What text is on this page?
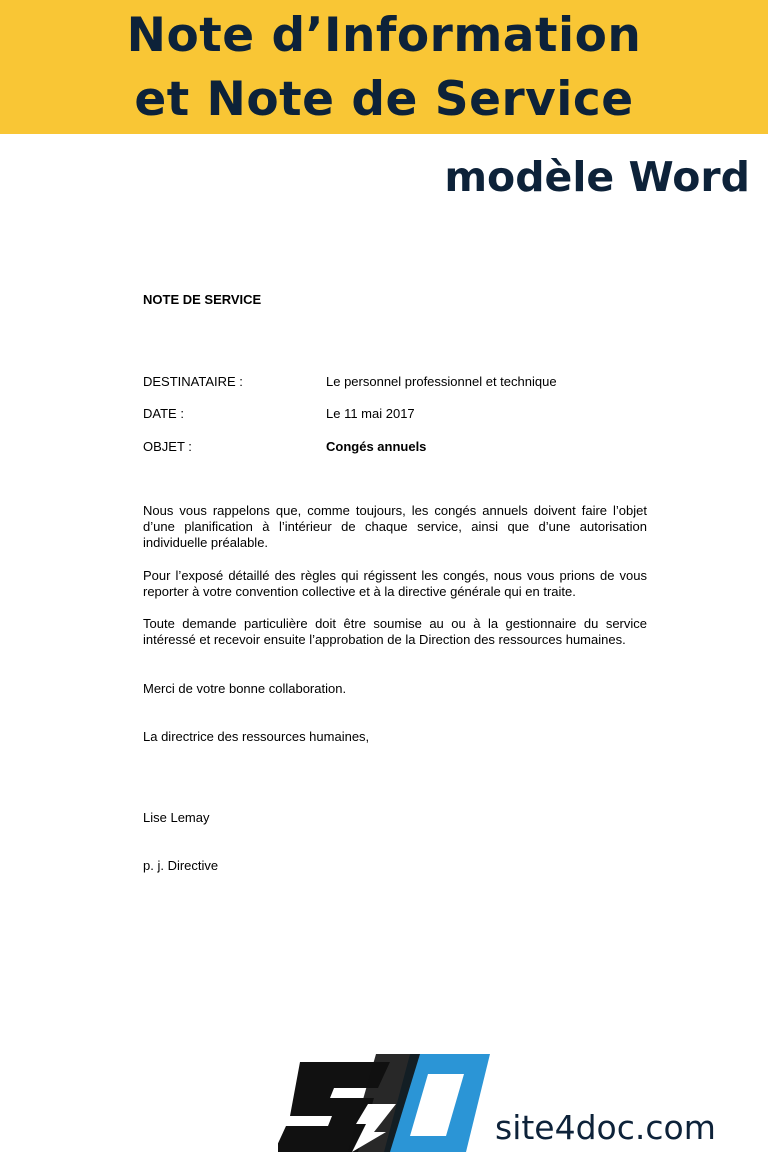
Note d’Information
et Note de Service
modèle Word
NOTE DE SERVICE
DESTINATAIRE :	Le personnel professionnel et technique
DATE :	Le 11 mai 2017
OBJET :	Congés annuels
Nous vous rappelons que, comme toujours, les congés annuels doivent faire l’objet d’une planification à l’intérieur de chaque service, ainsi que d’une autorisation individuelle préalable.
Pour l’exposé détaillé des règles qui régissent les congés, nous vous prions de vous reporter à votre convention collective et à la directive générale qui en traite.
Toute demande particulière doit être soumise au ou à la gestionnaire du service intéressé et recevoir ensuite l’approbation de la Direction des ressources humaines.
Merci de votre bonne collaboration.
La directrice des ressources humaines,
Lise Lemay
p. j. Directive
site4doc.com
